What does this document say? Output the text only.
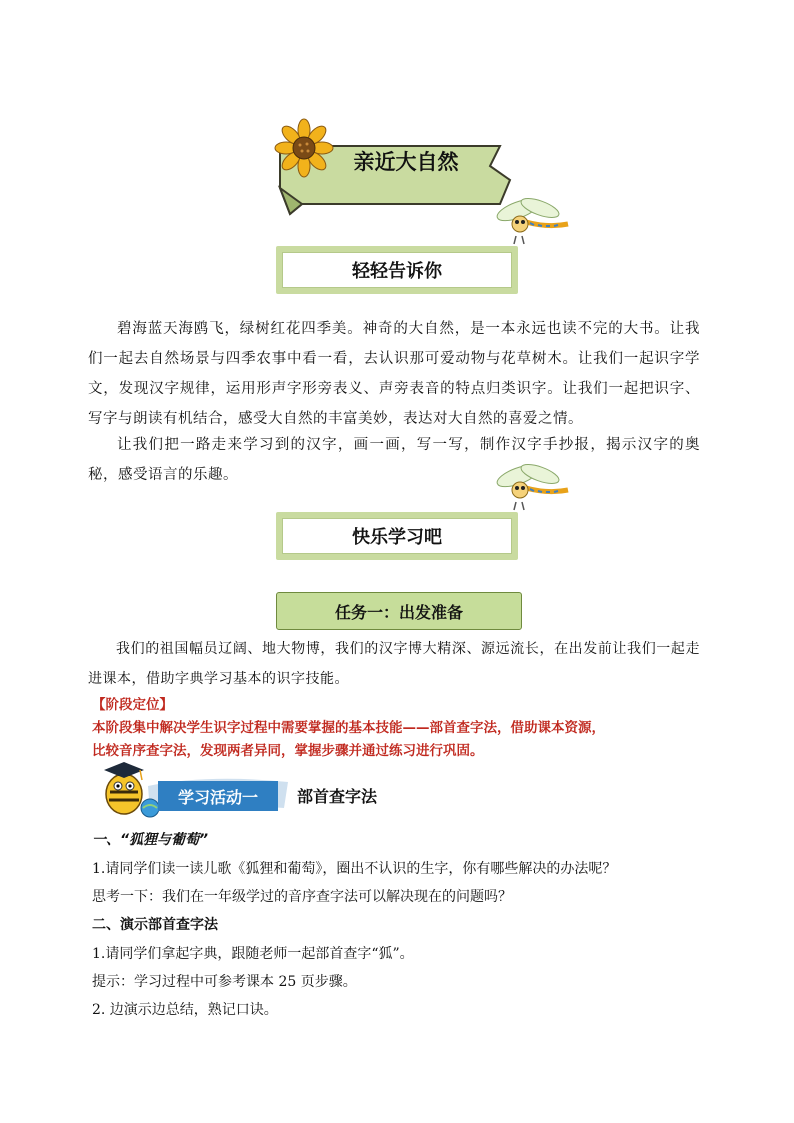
亲近大自然
轻轻告诉你
碧海蓝天海鸥飞，绿树红花四季美。神奇的大自然，是一本永远也读不完的大书。让我们一起去自然场景与四季农事中看一看，去认识那可爱动物与花草树木。让我们一起识字学文，发现汉字规律，运用形声字形旁表义、声旁表音的特点归类识字。让我们一起把识字、写字与朗读有机结合，感受大自然的丰富美妙，表达对大自然的喜爱之情。
让我们把一路走来学习到的汉字，画一画，写一写，制作汉字手抄报，揭示汉字的奥秘，感受语言的乐趣。
快乐学习吧
任务一：出发准备
我们的祖国幅员辽阔、地大物博，我们的汉字博大精深、源远流长，在出发前让我们一起走进课本，借助字典学习基本的识字技能。
【阶段定位】
本阶段集中解决学生识字过程中需要掌握的基本技能——部首查字法，借助课本资源，
比较音序查字法，发现两者异同，掌握步骤并通过练习进行巩固。
学习活动一	部首查字法
一、“狐狸与葡萄”
1.请同学们读一读儿歌《狐狸和葡萄》，圈出不认识的生字，你有哪些解决的办法呢？
思考一下：我们在一年级学过的音序查字法可以解决现在的问题吗？
二、演示部首查字法
1.请同学们拿起字典，跟随老师一起部首查字“狐”。
提示：学习过程中可参考课本 25 页步骤。
2. 边演示边总结，熟记口诀。
